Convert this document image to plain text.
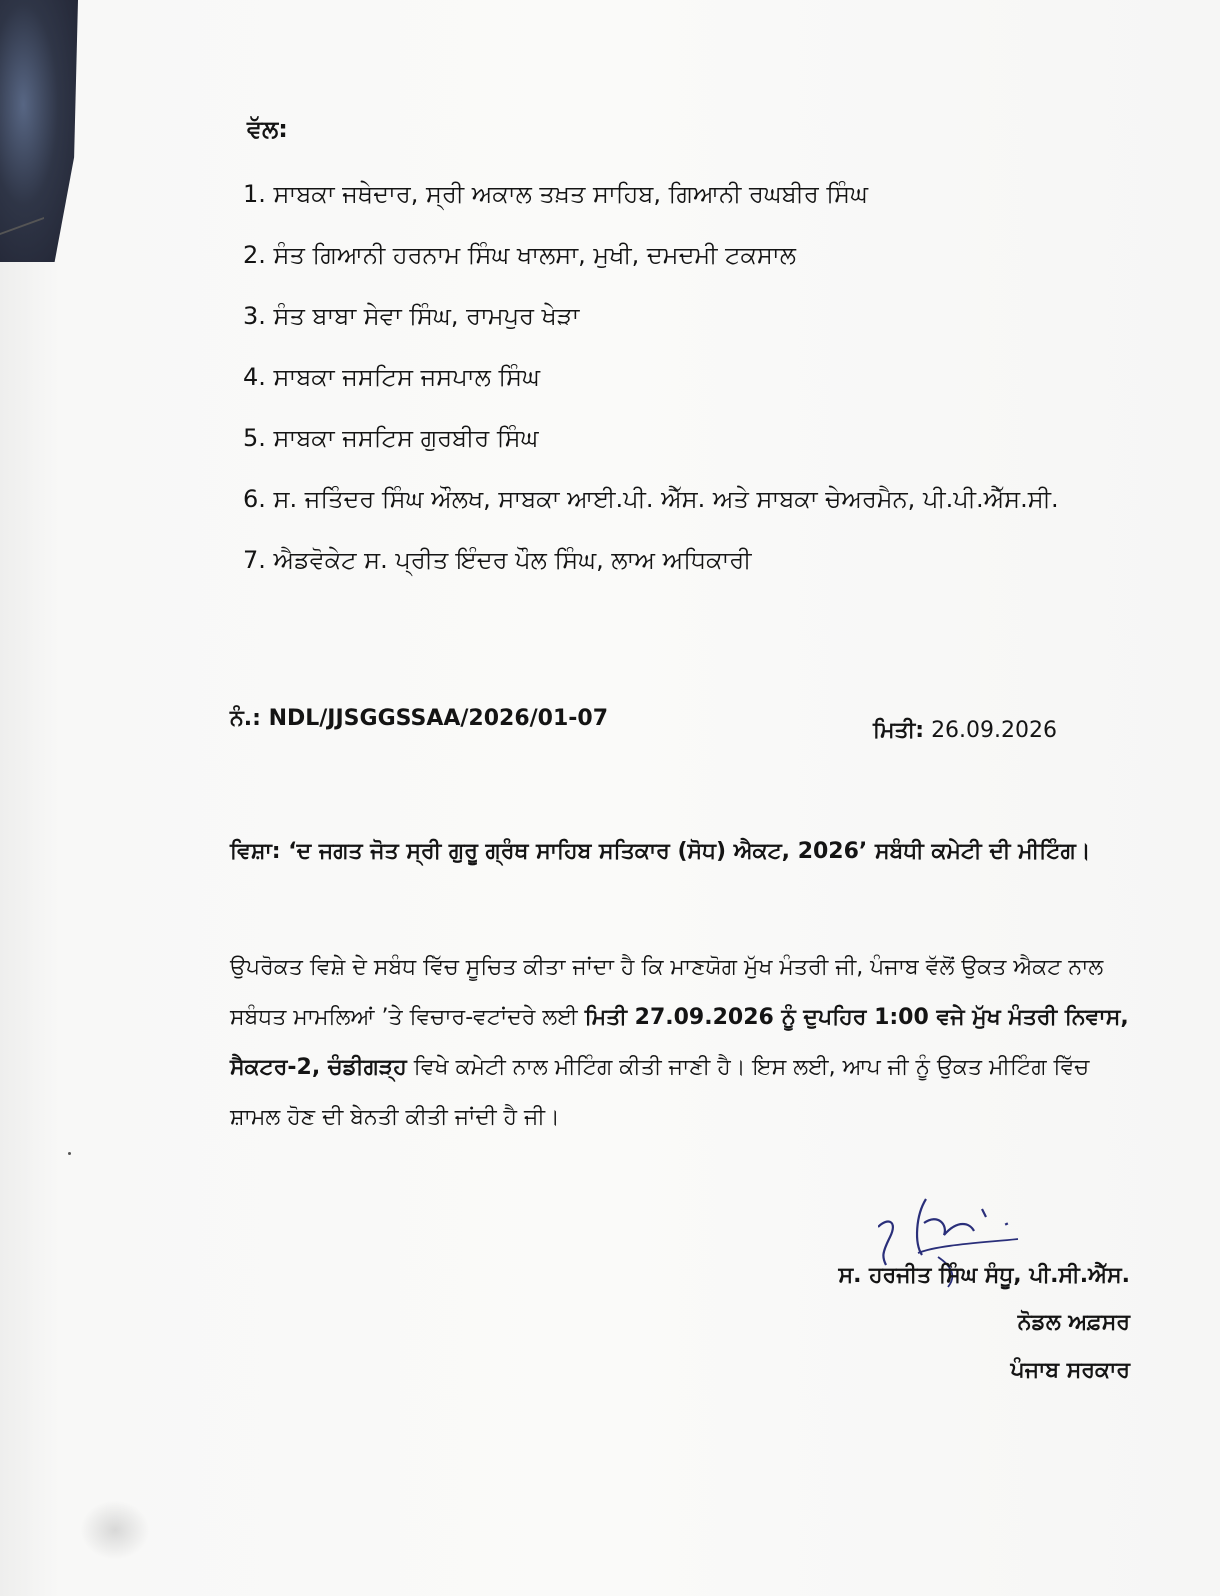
ਵੱਲ:
1. ਸਾਬਕਾ ਜਥੇਦਾਰ, ਸ੍ਰੀ ਅਕਾਲ ਤਖ਼ਤ ਸਾਹਿਬ, ਗਿਆਨੀ ਰਘਬੀਰ ਸਿੰਘ
2. ਸੰਤ ਗਿਆਨੀ ਹਰਨਾਮ ਸਿੰਘ ਖਾਲਸਾ, ਮੁਖੀ, ਦਮਦਮੀ ਟਕਸਾਲ
3. ਸੰਤ ਬਾਬਾ ਸੇਵਾ ਸਿੰਘ, ਰਾਮਪੁਰ ਖੇੜਾ
4. ਸਾਬਕਾ ਜਸਟਿਸ ਜਸਪਾਲ ਸਿੰਘ
5. ਸਾਬਕਾ ਜਸਟਿਸ ਗੁਰਬੀਰ ਸਿੰਘ
6. ਸ. ਜਤਿੰਦਰ ਸਿੰਘ ਔਲਖ, ਸਾਬਕਾ ਆਈ.ਪੀ. ਐੱਸ. ਅਤੇ ਸਾਬਕਾ ਚੇਅਰਮੈਨ, ਪੀ.ਪੀ.ਐੱਸ.ਸੀ.
7. ਐਡਵੋਕੇਟ ਸ. ਪ੍ਰੀਤ ਇੰਦਰ ਪੌਲ ਸਿੰਘ, ਲਾਅ ਅਧਿਕਾਰੀ
ਨੰ.: NDL/JJSGGSSAA/2026/01-07	ਮਿਤੀ: 26.09.2026
ਵਿਸ਼ਾ: ‘ਦ ਜਗਤ ਜੋਤ ਸ੍ਰੀ ਗੁਰੂ ਗ੍ਰੰਥ ਸਾਹਿਬ ਸਤਿਕਾਰ (ਸੋਧ) ਐਕਟ, 2026’ ਸਬੰਧੀ ਕਮੇਟੀ ਦੀ ਮੀਟਿੰਗ।
ਉਪਰੋਕਤ ਵਿਸ਼ੇ ਦੇ ਸਬੰਧ ਵਿੱਚ ਸੂਚਿਤ ਕੀਤਾ ਜਾਂਦਾ ਹੈ ਕਿ ਮਾਣਯੋਗ ਮੁੱਖ ਮੰਤਰੀ ਜੀ, ਪੰਜਾਬ ਵੱਲੋਂ ਉਕਤ ਐਕਟ ਨਾਲ ਸਬੰਧਤ ਮਾਮਲਿਆਂ ’ਤੇ ਵਿਚਾਰ-ਵਟਾਂਦਰੇ ਲਈ ਮਿਤੀ 27.09.2026 ਨੂੰ ਦੁਪਹਿਰ 1:00 ਵਜੇ ਮੁੱਖ ਮੰਤਰੀ ਨਿਵਾਸ, ਸੈਕਟਰ-2, ਚੰਡੀਗੜ੍ਹ ਵਿਖੇ ਕਮੇਟੀ ਨਾਲ ਮੀਟਿੰਗ ਕੀਤੀ ਜਾਣੀ ਹੈ। ਇਸ ਲਈ, ਆਪ ਜੀ ਨੂੰ ਉਕਤ ਮੀਟਿੰਗ ਵਿੱਚ ਸ਼ਾਮਲ ਹੋਣ ਦੀ ਬੇਨਤੀ ਕੀਤੀ ਜਾਂਦੀ ਹੈ ਜੀ।
ਸ. ਹਰਜੀਤ ਸਿੰਘ ਸੰਧੂ, ਪੀ.ਸੀ.ਐੱਸ.
ਨੋਡਲ ਅਫ਼ਸਰ
ਪੰਜਾਬ ਸਰਕਾਰ
